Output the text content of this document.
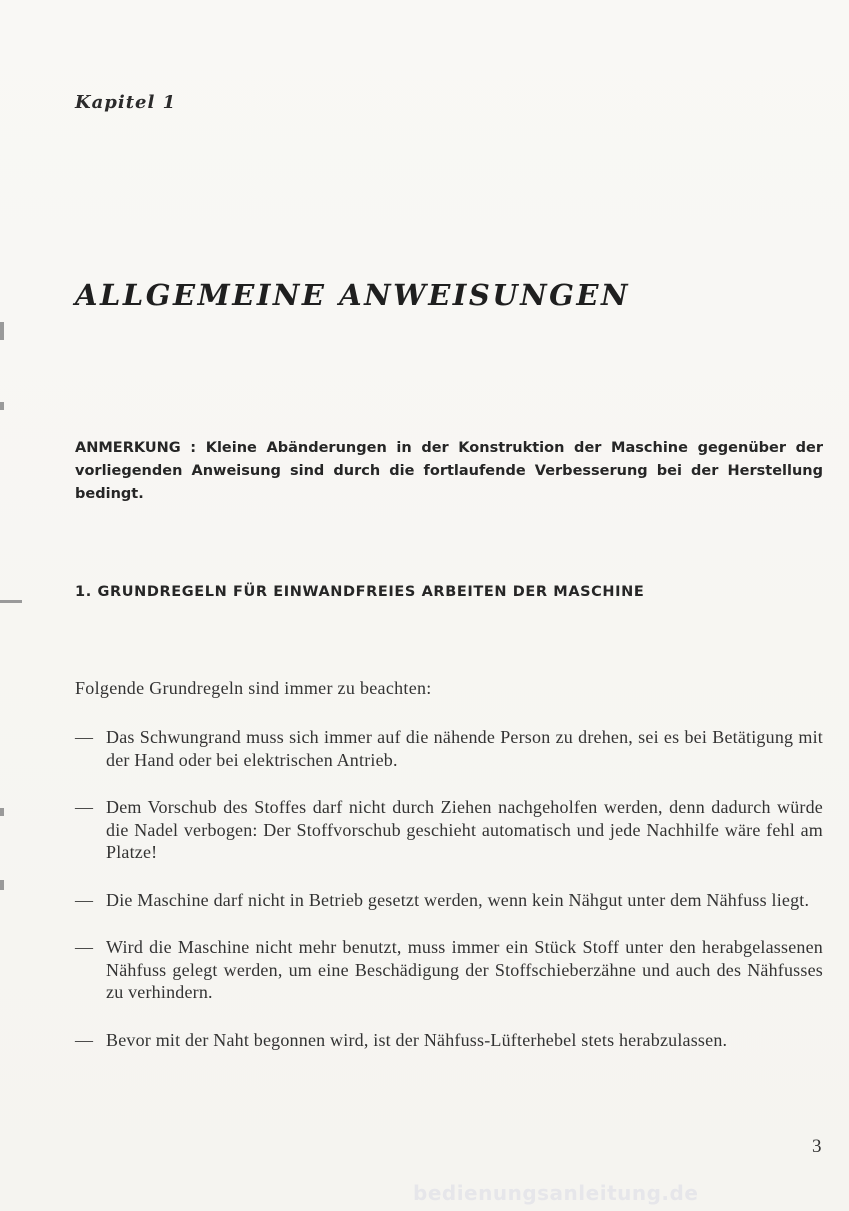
Kapitel 1
ALLGEMEINE ANWEISUNGEN
ANMERKUNG : Kleine Abänderungen in der Konstruktion der Maschine gegenüber der vorliegenden Anweisung sind durch die fortlaufende Verbesserung bei der Herstellung bedingt.
1. GRUNDREGELN FÜR EINWANDFREIES ARBEITEN DER MASCHINE
Folgende Grundregeln sind immer zu beachten:
— Das Schwungrand muss sich immer auf die nähende Person zu drehen, sei es bei Betätigung mit der Hand oder bei elektrischen Antrieb.
— Dem Vorschub des Stoffes darf nicht durch Ziehen nachgeholfen werden, denn dadurch würde die Nadel verbogen: Der Stoffvorschub geschieht automatisch und jede Nachhilfe wäre fehl am Platze!
— Die Maschine darf nicht in Betrieb gesetzt werden, wenn kein Nähgut unter dem Nähfuss liegt.
— Wird die Maschine nicht mehr benutzt, muss immer ein Stück Stoff unter den herabgelassenen Nähfuss gelegt werden, um eine Beschädigung der Stoffschieberzähne und auch des Nähfusses zu verhindern.
— Bevor mit der Naht begonnen wird, ist der Nähfuss-Lüfterhebel stets herabzulassen.
3
bedienungsanleitung.de
